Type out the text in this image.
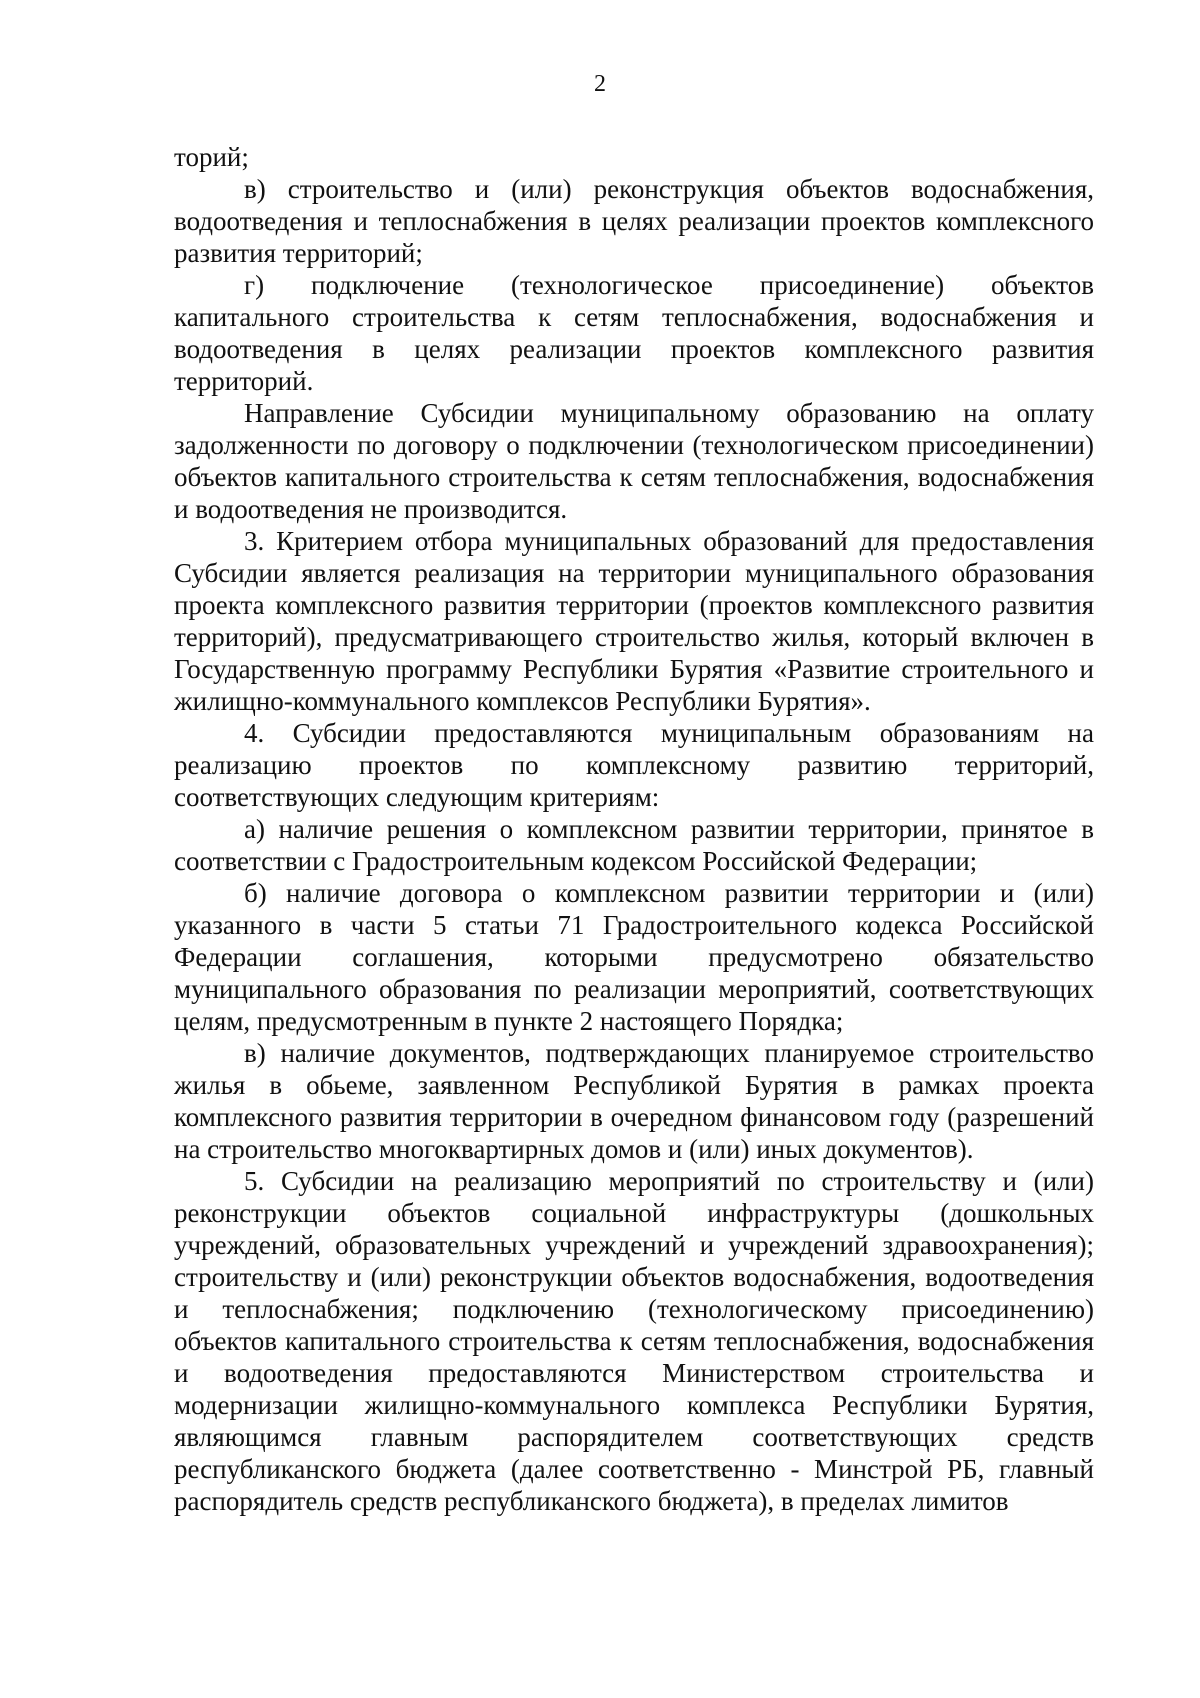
2

торий;

в) строительство и (или) реконструкция объектов водоснабжения, водоотведения и теплоснабжения в целях реализации проектов комплексного развития территорий;

г) подключение (технологическое присоединение) объектов капитального строительства к сетям теплоснабжения, водоснабжения и водоотведения в целях реализации проектов комплексного развития территорий.

Направление Субсидии муниципальному образованию на оплату задолженности по договору о подключении (технологическом присоединении) объектов капитального строительства к сетям теплоснабжения, водоснабжения и водоотведения не производится.

3. Критерием отбора муниципальных образований для предоставления Субсидии является реализация на территории муниципального образования проекта комплексного развития территории (проектов комплексного развития территорий), предусматривающего строительство жилья, который включен в Государственную программу Республики Бурятия «Развитие строительного и жилищно-коммунального комплексов Республики Бурятия».

4. Субсидии предоставляются муниципальным образованиям на реализацию проектов по комплексному развитию территорий, соответствующих следующим критериям:

а) наличие решения о комплексном развитии территории, принятое в соответствии с Градостроительным кодексом Российской Федерации;

б) наличие договора о комплексном развитии территории и (или) указанного в части 5 статьи 71 Градостроительного кодекса Российской Федерации соглашения, которыми предусмотрено обязательство муниципального образования по реализации мероприятий, соответствующих целям, предусмотренным в пункте 2 настоящего Порядка;

в) наличие документов, подтверждающих планируемое строительство жилья в обьеме, заявленном Республикой Бурятия в рамках проекта комплексного развития территории в очередном финансовом году (разрешений на строительство многоквартирных домов и (или) иных документов).

5. Субсидии на реализацию мероприятий по строительству и (или) реконструкции объектов социальной инфраструктуры (дошкольных учреждений, образовательных учреждений и учреждений здравоохранения); строительству и (или) реконструкции объектов водоснабжения, водоотведения и теплоснабжения; подключению (технологическому присоединению) объектов капитального строительства к сетям теплоснабжения, водоснабжения и водоотведения предоставляются Министерством строительства и модернизации жилищно-коммунального комплекса Республики Бурятия, являющимся главным распорядителем соответствующих средств республиканского бюджета (далее соответственно - Минстрой РБ, главный распорядитель средств республиканского бюджета), в пределах лимитов
